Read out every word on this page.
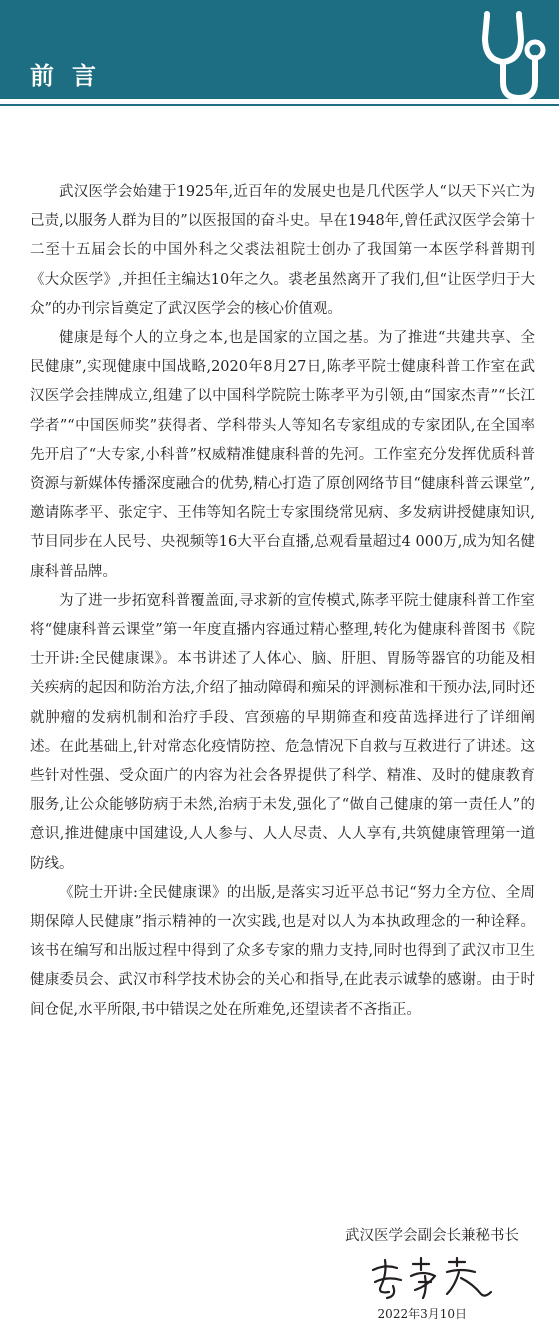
前言

武汉医学会始建于1925年,近百年的发展史也是几代医学人“以天下兴亡为己责,以服务人群为目的”以医报国的奋斗史。早在1948年,曾任武汉医学会第十二至十五届会长的中国外科之父裘法祖院士创办了我国第一本医学科普期刊《大众医学》,并担任主编达10年之久。裘老虽然离开了我们,但“让医学归于大众”的办刊宗旨奠定了武汉医学会的核心价值观。

健康是每个人的立身之本,也是国家的立国之基。为了推进“共建共享、全民健康”,实现健康中国战略,2020年8月27日,陈孝平院士健康科普工作室在武汉医学会挂牌成立,组建了以中国科学院院士陈孝平为引领,由“国家杰青”“长江学者”“中国医师奖”获得者、学科带头人等知名专家组成的专家团队,在全国率先开启了“大专家,小科普”权威精准健康科普的先河。工作室充分发挥优质科普资源与新媒体传播深度融合的优势,精心打造了原创网络节目“健康科普云课堂”,邀请陈孝平、张定宇、王伟等知名院士专家围绕常见病、多发病讲授健康知识,节目同步在人民号、央视频等16大平台直播,总观看量超过4 000万,成为知名健康科普品牌。

为了进一步拓宽科普覆盖面,寻求新的宣传模式,陈孝平院士健康科普工作室将“健康科普云课堂”第一年度直播内容通过精心整理,转化为健康科普图书《院士开讲:全民健康课》。本书讲述了人体心、脑、肝胆、胃肠等器官的功能及相关疾病的起因和防治方法,介绍了抽动障碍和痴呆的评测标准和干预办法,同时还就肿瘤的发病机制和治疗手段、宫颈癌的早期筛查和疫苗选择进行了详细阐述。在此基础上,针对常态化疫情防控、危急情况下自救与互救进行了讲述。这些针对性强、受众面广的内容为社会各界提供了科学、精准、及时的健康教育服务,让公众能够防病于未然,治病于未发,强化了“做自己健康的第一责任人”的意识,推进健康中国建设,人人参与、人人尽责、人人享有,共筑健康管理第一道防线。

《院士开讲:全民健康课》的出版,是落实习近平总书记“努力全方位、全周期保障人民健康”指示精神的一次实践,也是对以人为本执政理念的一种诠释。该书在编写和出版过程中得到了众多专家的鼎力支持,同时也得到了武汉市卫生健康委员会、武汉市科学技术协会的关心和指导,在此表示诚挚的感谢。由于时间仓促,水平所限,书中错误之处在所难免,还望读者不吝指正。

武汉医学会副会长兼秘书长
2022年3月10日
